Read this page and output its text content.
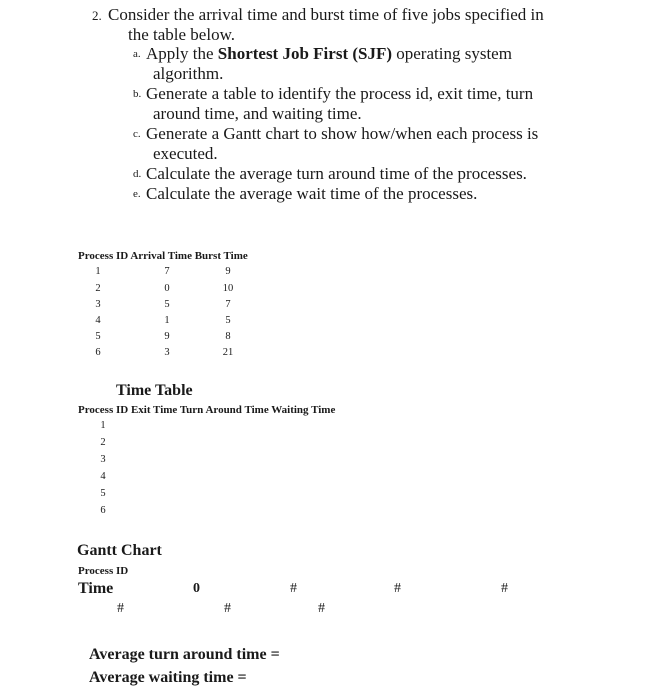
2. Consider the arrival time and burst time of five jobs specified in
the table below.
a. Apply the Shortest Job First (SJF) operating system
algorithm.
b. Generate a table to identify the process id, exit time, turn
around time, and waiting time.
c. Generate a Gantt chart to show how/when each process is
executed.
d. Calculate the average turn around time of the processes.
e. Calculate the average wait time of the processes.
Process ID Arrival Time Burst Time
1	7	9
2	0	10
3	5	7
4	1	5
5	9	8
6	3	21
Time Table
Process ID Exit Time Turn Around Time Waiting Time
1
2
3
4
5
6
Gantt Chart
Process ID
Time	0	#	#	#
#	#	#
Average turn around time =
Average waiting time =
